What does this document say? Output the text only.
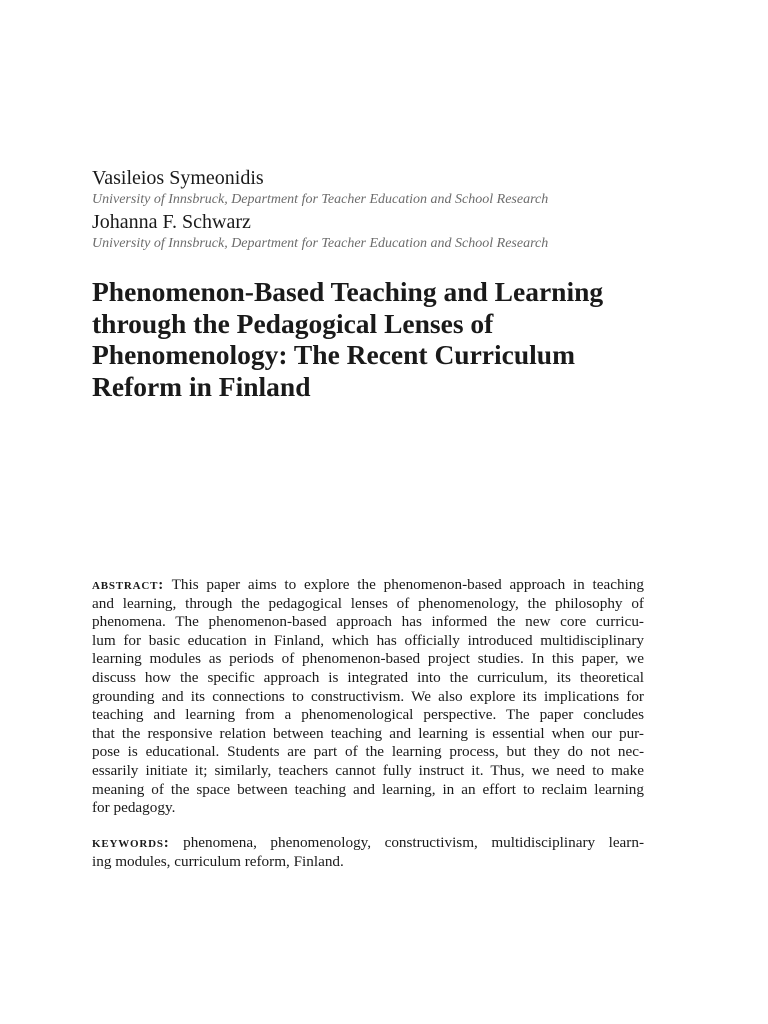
Vasileios Symeonidis
University of Innsbruck, Department for Teacher Education and School Research
Johanna F. Schwarz
University of Innsbruck, Department for Teacher Education and School Research
Phenomenon-Based Teaching and Learning
through the Pedagogical Lenses of
Phenomenology: The Recent Curriculum
Reform in Finland
abstract: This paper aims to explore the phenomenon-based approach in teaching
and learning, through the pedagogical lenses of phenomenology, the philosophy of
phenomena. The phenomenon-based approach has informed the new core curricu-
lum for basic education in Finland, which has officially introduced multidisciplinary
learning modules as periods of phenomenon-based project studies. In this paper, we
discuss how the specific approach is integrated into the curriculum, its theoretical
grounding and its connections to constructivism. We also explore its implications for
teaching and learning from a phenomenological perspective. The paper concludes
that the responsive relation between teaching and learning is essential when our pur-
pose is educational. Students are part of the learning process, but they do not nec-
essarily initiate it; similarly, teachers cannot fully instruct it. Thus, we need to make
meaning of the space between teaching and learning, in an effort to reclaim learning
for pedagogy.
keywords: phenomena, phenomenology, constructivism, multidisciplinary learn-
ing modules, curriculum reform, Finland.
